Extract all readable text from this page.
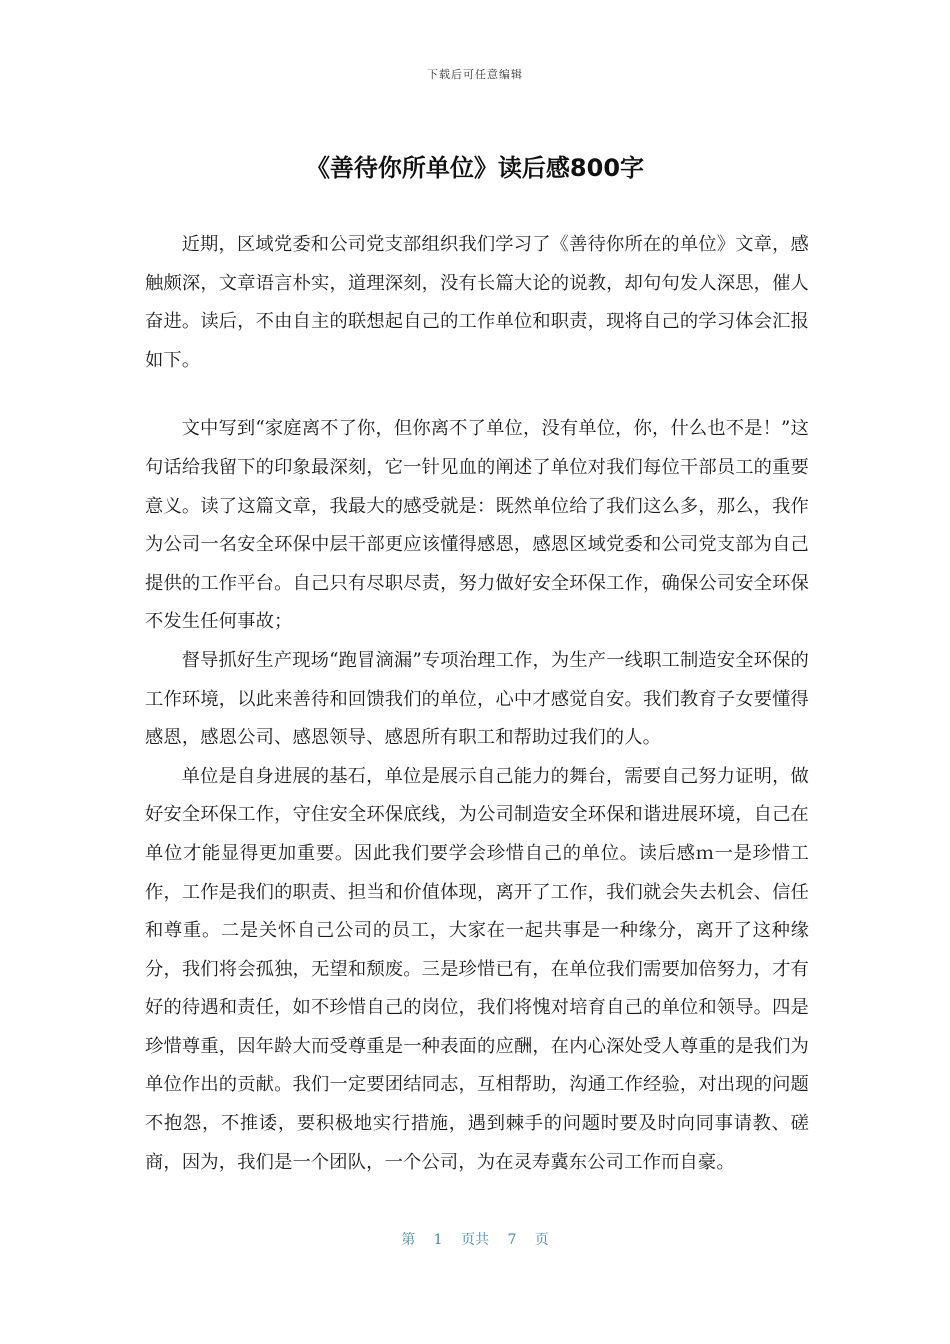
下载后可任意编辑
《善待你所单位》读后感800字

近期，区域党委和公司党支部组织我们学习了《善待你所在的单位》文章，感触颇深，文章语言朴实，道理深刻，没有长篇大论的说教，却句句发人深思，催人奋进。读后，不由自主的联想起自己的工作单位和职责，现将自己的学习体会汇报如下。

文中写到“家庭离不了你，但你离不了单位，没有单位，你，什么也不是！”这句话给我留下的印象最深刻，它一针见血的阐述了单位对我们每位干部员工的重要意义。读了这篇文章，我最大的感受就是：既然单位给了我们这么多，那么，我作为公司一名安全环保中层干部更应该懂得感恩，感恩区域党委和公司党支部为自己提供的工作平台。自己只有尽职尽责，努力做好安全环保工作，确保公司安全环保不发生任何事故；

督导抓好生产现场“跑冒滴漏”专项治理工作，为生产一线职工制造安全环保的工作环境，以此来善待和回馈我们的单位，心中才感觉自安。我们教育子女要懂得感恩，感恩公司、感恩领导、感恩所有职工和帮助过我们的人。

单位是自身进展的基石，单位是展示自己能力的舞台，需要自己努力证明，做好安全环保工作，守住安全环保底线，为公司制造安全环保和谐进展环境，自己在单位才能显得更加重要。因此我们要学会珍惜自己的单位。读后感ｍ一是珍惜工作，工作是我们的职责、担当和价值体现，离开了工作，我们就会失去机会、信任和尊重。二是关怀自己公司的员工，大家在一起共事是一种缘分，离开了这种缘分，我们将会孤独，无望和颓废。三是珍惜已有，在单位我们需要加倍努力，才有好的待遇和责任，如不珍惜自己的岗位，我们将愧对培育自己的单位和领导。四是珍惜尊重，因年龄大而受尊重是一种表面的应酬，在内心深处受人尊重的是我们为单位作出的贡献。我们一定要团结同志，互相帮助，沟通工作经验，对出现的问题不抱怨，不推诿，要积极地实行措施，遇到棘手的问题时要及时向同事请教、磋商，因为，我们是一个团队，一个公司，为在灵寿冀东公司工作而自豪。

第 1 页共 7 页
